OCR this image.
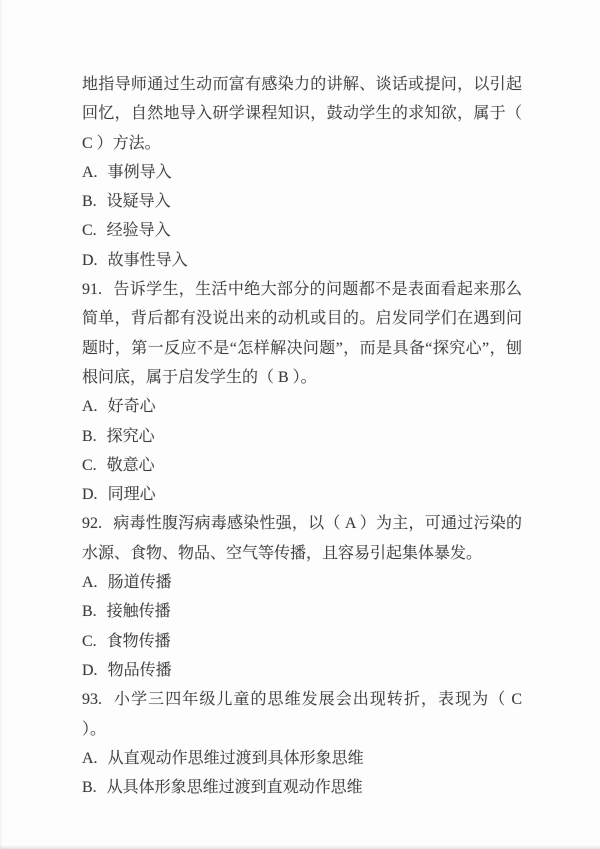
地指导师通过生动而富有感染力的讲解、谈话或提问，以引起回忆，自然地导入研学课程知识，鼓动学生的求知欲，属于（ C ）方法。

A. 事例导入

B. 设疑导入

C. 经验导入

D. 故事性导入

91. 告诉学生，生活中绝大部分的问题都不是表面看起来那么简单，背后都有没说出来的动机或目的。启发同学们在遇到问题时，第一反应不是“怎样解决问题”，而是具备“探究心”，刨根问底，属于启发学生的（ B ）。

A. 好奇心

B. 探究心

C. 敬意心

D. 同理心

92. 病毒性腹泻病毒感染性强，以（ A ）为主，可通过污染的水源、食物、物品、空气等传播，且容易引起集体暴发。

A. 肠道传播

B. 接触传播

C. 食物传播

D. 物品传播

93. 小学三四年级儿童的思维发展会出现转折，表现为（ C ）。

A. 从直观动作思维过渡到具体形象思维

B. 从具体形象思维过渡到直观动作思维
